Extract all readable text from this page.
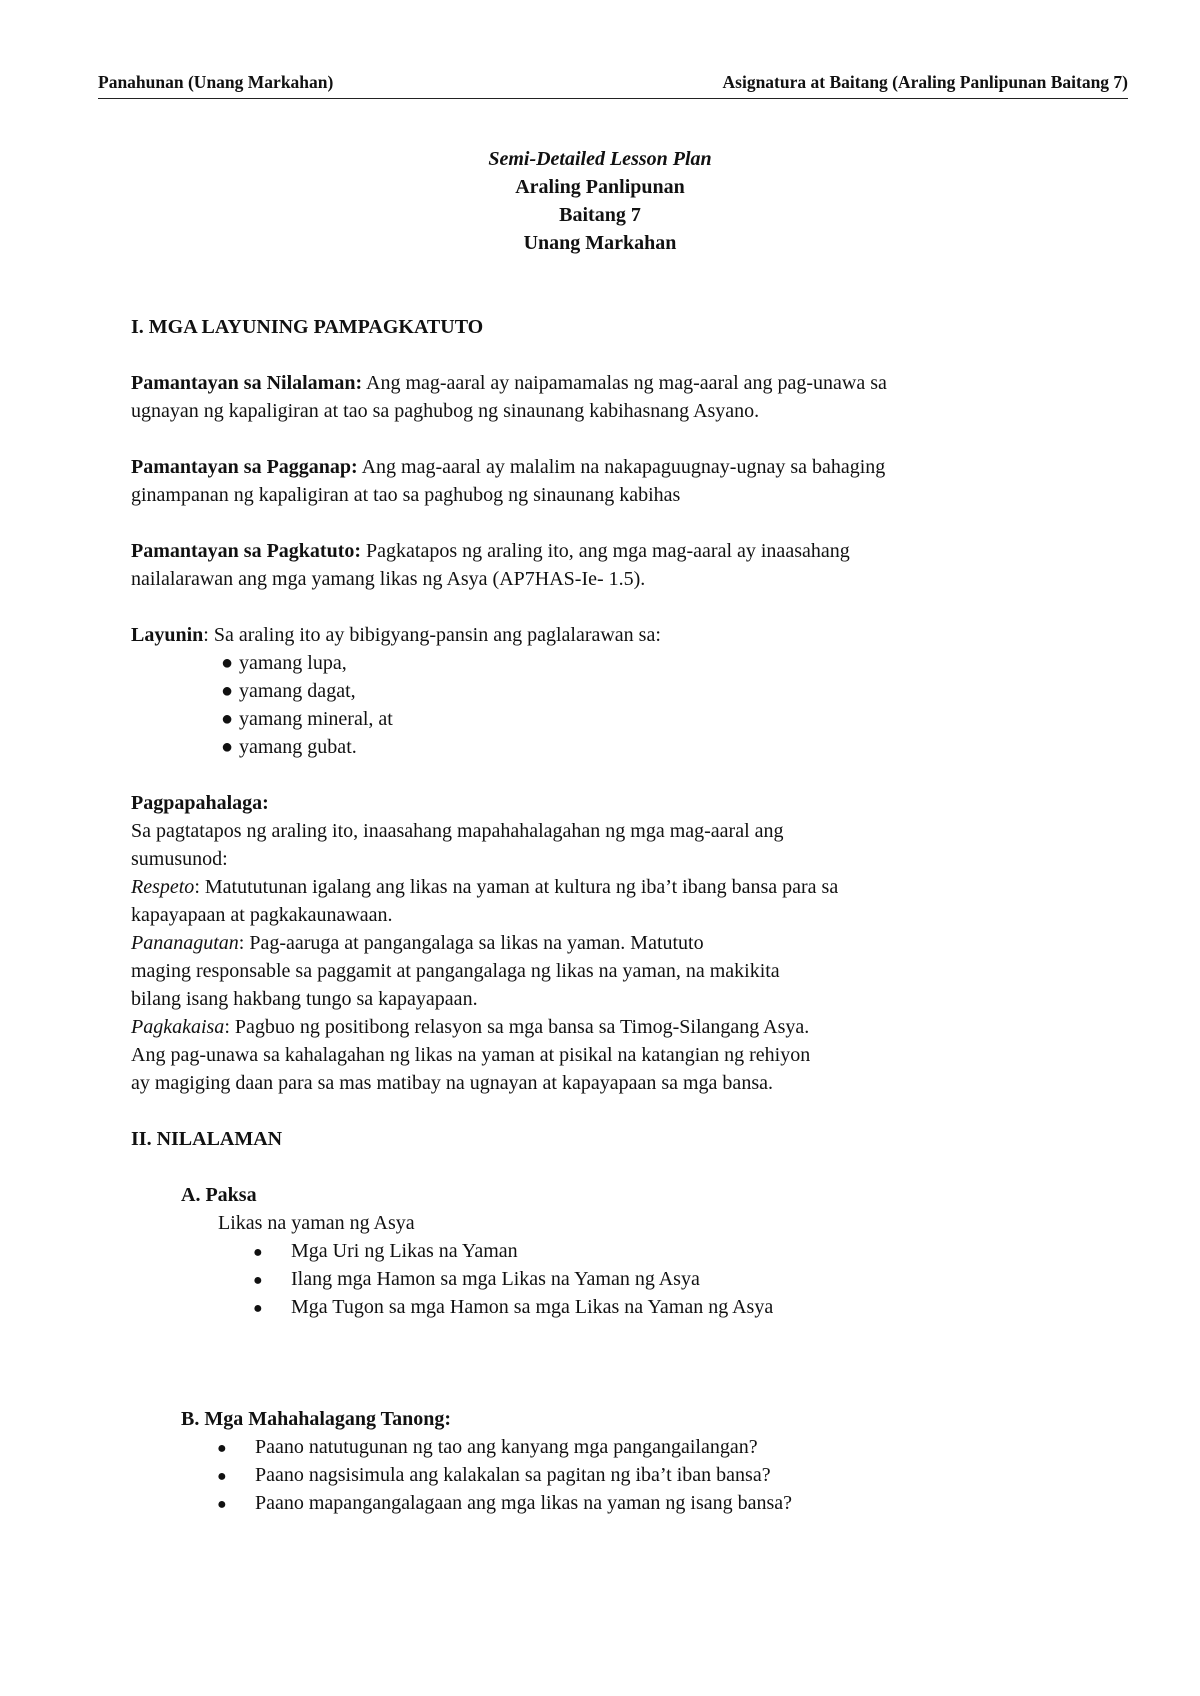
Panahunan (Unang Markahan)	Asignatura at Baitang (Araling Panlipunan Baitang 7)
Semi-Detailed Lesson Plan
Araling Panlipunan
Baitang 7
Unang Markahan
I. MGA LAYUNING PAMPAGKATUTO
Pamantayan sa Nilalaman: Ang mag-aaral ay naipamamalas ng mag-aaral ang pag-unawa sa
ugnayan ng kapaligiran at tao sa paghubog ng sinaunang kabihasnang Asyano.
Pamantayan sa Pagganap: Ang mag-aaral ay malalim na nakapaguugnay-ugnay sa bahaging
ginampanan ng kapaligiran at tao sa paghubog ng sinaunang kabihas
Pamantayan sa Pagkatuto: Pagkatapos ng araling ito, ang mga mag-aaral ay inaasahang
nailalarawan ang mga yamang likas ng Asya (AP7HAS-Ie- 1.5).
Layunin: Sa araling ito ay bibigyang-pansin ang paglalarawan sa:
● yamang lupa,
● yamang dagat,
● yamang mineral, at
● yamang gubat.
Pagpapahalaga:
Sa pagtatapos ng araling ito, inaasahang mapahahalagahan ng mga mag-aaral ang
sumusunod:
Respeto: Matututunan igalang ang likas na yaman at kultura ng iba’t ibang bansa para sa
kapayapaan at pagkakaunawaan.
Pananagutan: Pag-aaruga at pangangalaga sa likas na yaman. Matututo
maging responsable sa paggamit at pangangalaga ng likas na yaman, na makikita
bilang isang hakbang tungo sa kapayapaan.
Pagkakaisa: Pagbuo ng positibong relasyon sa mga bansa sa Timog-Silangang Asya.
Ang pag-unawa sa kahalagahan ng likas na yaman at pisikal na katangian ng rehiyon
ay magiging daan para sa mas matibay na ugnayan at kapayapaan sa mga bansa.
II. NILALAMAN
A. Paksa
Likas na yaman ng Asya
● Mga Uri ng Likas na Yaman
● Ilang mga Hamon sa mga Likas na Yaman ng Asya
● Mga Tugon sa mga Hamon sa mga Likas na Yaman ng Asya
B. Mga Mahahalagang Tanong:
● Paano natutugunan ng tao ang kanyang mga pangangailangan?
● Paano nagsisimula ang kalakalan sa pagitan ng iba’t iban bansa?
● Paano mapangangalagaan ang mga likas na yaman ng isang bansa?
